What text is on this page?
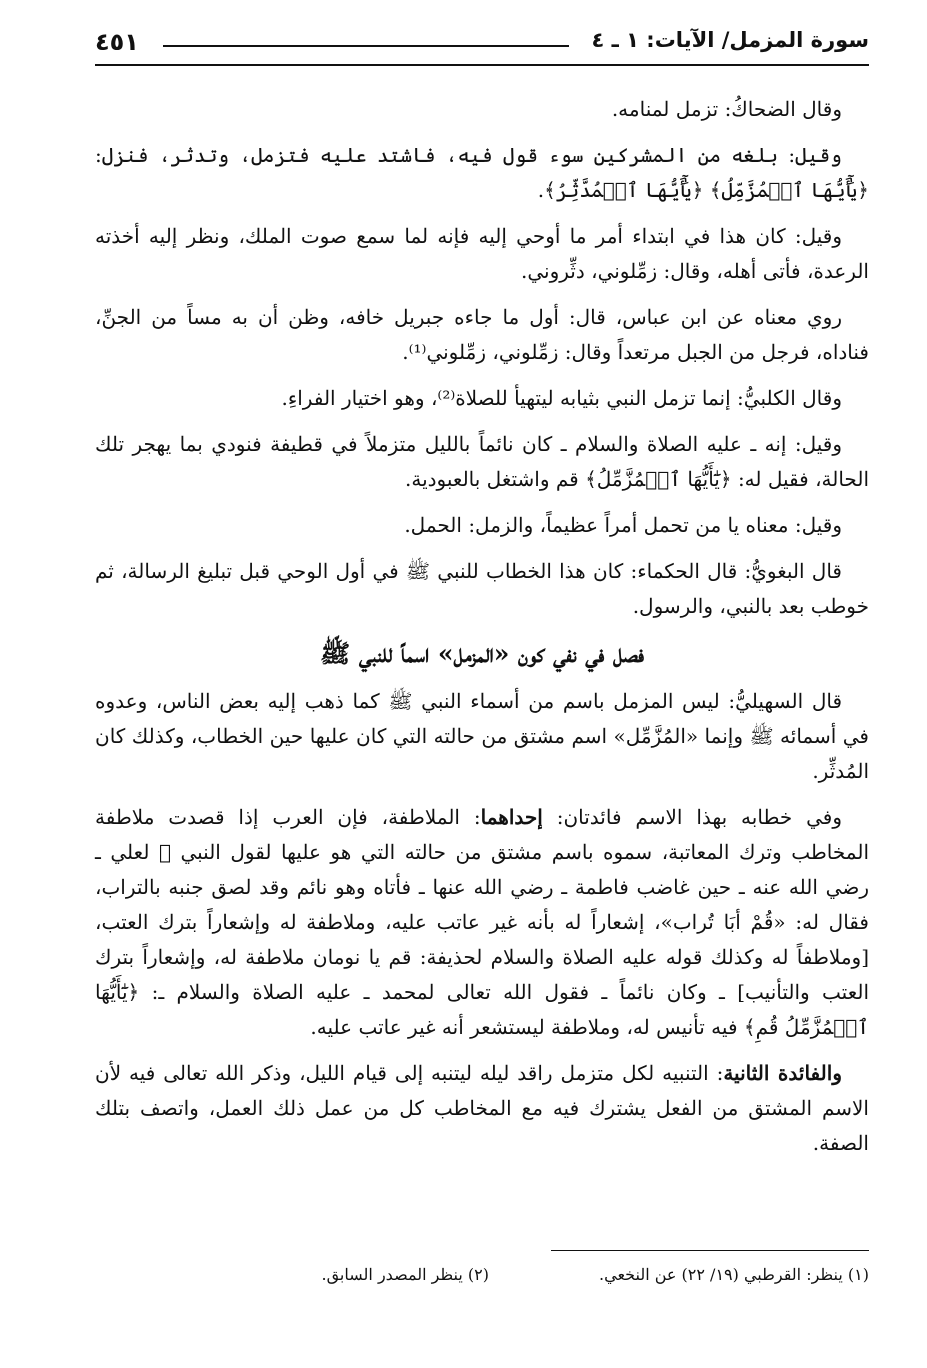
سورة المزمل/ الآيات: ١ ـ ٤
٤٥١

وقال الضحاكُ: تزمل لمنامه.

وقيل: بلغه من المشركين سوء قول فيه، فاشتد عليه فتزمل، وتدثر، فنزل: ﴿يَٰٓأَيُّهَا ٱلۡمُزَّمِّلُ﴾ ﴿يَٰٓأَيُّهَا ٱلۡمُدَّثِّرُ﴾.

وقيل: كان هذا في ابتداء أمر ما أوحي إليه فإنه لما سمع صوت الملك، ونظر إليه أخذته الرعدة، فأتى أهله، وقال: زمِّلوني، دثِّروني.

روي معناه عن ابن عباس، قال: أول ما جاءه جبريل خافه، وظن أن به مساً من الجنِّ، فناداه، فرجل من الجبل مرتعداً وقال: زمِّلوني، زمِّلوني⁽¹⁾.

وقال الكلبيُّ: إنما تزمل النبي بثيابه ليتهيأ للصلاة⁽²⁾، وهو اختيار الفراءِ.

وقيل: إنه ـ عليه الصلاة والسلام ـ كان نائماً بالليل متزملاً في قطيفة فنودي بما يهجر تلك الحالة، فقيل له: ﴿يَٰٓأَيُّهَا ٱلۡمُزَّمِّلُ﴾ قم واشتغل بالعبودية.

وقيل: معناه يا من تحمل أمراً عظيماً، والزمل: الحمل.

قال البغويُّ: قال الحكماء: كان هذا الخطاب للنبي ﷺ في أول الوحي قبل تبليغ الرسالة، ثم خوطب بعد بالنبي، والرسول.

فصل في نفي كون «المزمل» اسماً للنبي ﷺ

قال السهيليُّ: ليس المزمل باسم من أسماء النبي ﷺ كما ذهب إليه بعض الناس، وعدوه في أسمائه ﷺ وإنما «المُزَّمِّل» اسم مشتق من حالته التي كان عليها حين الخطاب، وكذلك كان المُدثِّر.

وفي خطابه بهذا الاسم فائدتان: إحداهما: الملاطفة، فإن العرب إذا قصدت ملاطفة المخاطب وترك المعاتبة، سموه باسم مشتق من حالته التي هو عليها لقول النبي ﷺ لعلي ـ رضي الله عنه ـ حين غاضب فاطمة ـ رضي الله عنها ـ فأتاه وهو نائم وقد لصق جنبه بالتراب، فقال له: «قُمْ أبَا تُراب»، إشعاراً له بأنه غير عاتب عليه، وملاطفة له وإشعاراً بترك العتب، [وملاطفاً له وكذلك قوله عليه الصلاة والسلام لحذيفة: قم يا نومان ملاطفة له، وإشعاراً بترك العتب والتأنيب] ـ وكان نائماً ـ فقول الله تعالى لمحمد ـ عليه الصلاة والسلام ـ: ﴿يَٰٓأَيُّهَا ٱلۡمُزَّمِّلُ قُمِ﴾ فيه تأنيس له، وملاطفة ليستشعر أنه غير عاتب عليه.

والفائدة الثانية: التنبيه لكل متزمل راقد ليله ليتنبه إلى قيام الليل، وذكر الله تعالى فيه لأن الاسم المشتق من الفعل يشترك فيه مع المخاطب كل من عمل ذلك العمل، واتصف بتلك الصفة.

(١) ينظر: القرطبي (١٩/ ٢٢) عن النخعي.
(٢) ينظر المصدر السابق.
